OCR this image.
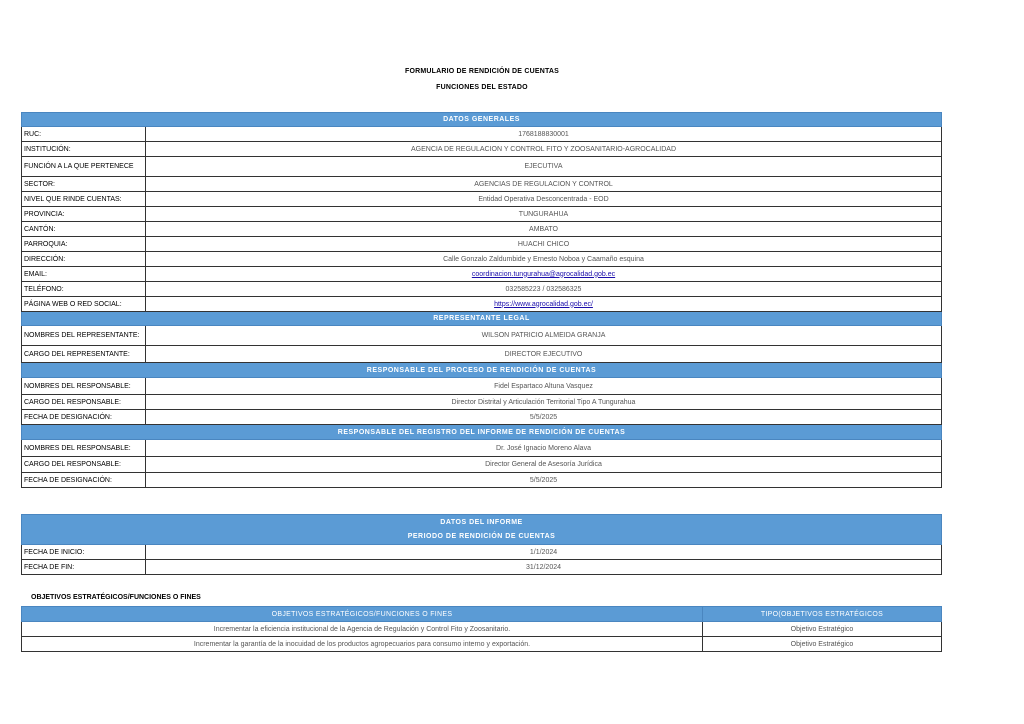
FORMULARIO DE RENDICIÓN DE CUENTAS
FUNCIONES DEL ESTADO
DATOS GENERALES	
RUC:	1768188830001
INSTITUCIÓN:	AGENCIA DE REGULACION Y CONTROL FITO Y ZOOSANITARIO-AGROCALIDAD
FUNCIÓN A LA QUE PERTENECE	EJECUTIVA
SECTOR:	AGENCIAS DE REGULACION Y CONTROL
NIVEL QUE RINDE CUENTAS:	Entidad Operativa Desconcentrada - EOD
PROVINCIA:	TUNGURAHUA
CANTÓN:	AMBATO
PARROQUIA:	HUACHI CHICO
DIRECCIÓN:	Calle Gonzalo Zaldumbide y Ernesto Noboa y Caamaño esquina
EMAIL:	coordinacion.tungurahua@agrocalidad.gob.ec
TELÉFONO:	032585223 / 032586325
PÁGINA WEB O RED SOCIAL:	https://www.agrocalidad.gob.ec/
REPRESENTANTE LEGAL	
NOMBRES DEL REPRESENTANTE:	WILSON PATRICIO ALMEIDA GRANJA
CARGO DEL REPRESENTANTE:	DIRECTOR EJECUTIVO
RESPONSABLE DEL PROCESO DE RENDICIÓN DE CUENTAS	
NOMBRES DEL RESPONSABLE:	Fidel Espartaco Altuna Vasquez
CARGO DEL RESPONSABLE:	Director Distrital y Articulación Territorial Tipo A Tungurahua
FECHA DE DESIGNACIÓN:	5/5/2025
RESPONSABLE DEL REGISTRO DEL INFORME DE RENDICIÓN DE CUENTAS	
NOMBRES DEL RESPONSABLE:	Dr. José Ignacio Moreno Alava
CARGO DEL RESPONSABLE:	Director General de Asesoría Jurídica
FECHA DE DESIGNACIÓN:	5/5/2025
DATOS DEL INFORME	
PERIODO DE RENDICIÓN DE CUENTAS	
FECHA DE INICIO:	1/1/2024
FECHA DE FIN:	31/12/2024
OBJETIVOS ESTRATÉGICOS/FUNCIONES O FINES
OBJETIVOS ESTRATÉGICOS/FUNCIONES O FINES	TIPO(OBJETIVOS ESTRATÉGICOS
Incrementar la eficiencia institucional de la Agencia de Regulación y Control Fito y Zoosanitario.	Objetivo Estratégico
Incrementar la garantía de la inocuidad de los productos agropecuarios para consumo interno y exportación.	Objetivo Estratégico
